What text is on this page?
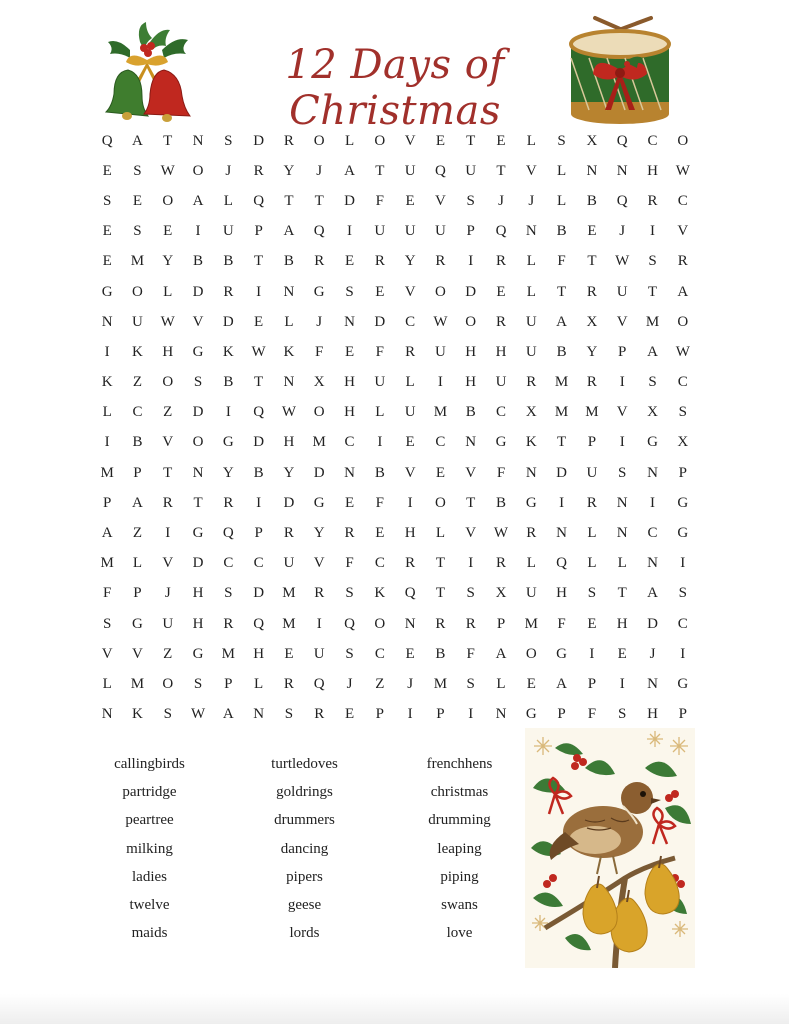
12 Days of Christmas
Q	A	T	N	S	D	R	O	L	O	V	E	T	E	L	S	X	Q	C	O
E	S	W	O	J	R	Y	J	A	T	U	Q	U	T	V	L	N	N	H	W
S	E	O	A	L	Q	T	T	D	F	E	V	S	J	J	L	B	Q	R	C
E	S	E	I	U	P	A	Q	I	U	U	U	P	Q	N	B	E	J	I	V
E	M	Y	B	B	T	B	R	E	R	Y	R	I	R	L	F	T	W	S	R
G	O	L	D	R	I	N	G	S	E	V	O	D	E	L	T	R	U	T	A
N	U	W	V	D	E	L	J	N	D	C	W	O	R	U	A	X	V	M	O
I	K	H	G	K	W	K	F	E	F	R	U	H	H	U	B	Y	P	A	W
K	Z	O	S	B	T	N	X	H	U	L	I	H	U	R	M	R	I	S	C
L	C	Z	D	I	Q	W	O	H	L	U	M	B	C	X	M	M	V	X	S
I	B	V	O	G	D	H	M	C	I	E	C	N	G	K	T	P	I	G	X
M	P	T	N	Y	B	Y	D	N	B	V	E	V	F	N	D	U	S	N	P
P	A	R	T	R	I	D	G	E	F	I	O	T	B	G	I	R	N	I	G
A	Z	I	G	Q	P	R	Y	R	E	H	L	V	W	R	N	L	N	C	G
M	L	V	D	C	C	U	V	F	C	R	T	I	R	L	Q	L	L	N	I
F	P	J	H	S	D	M	R	S	K	Q	T	S	X	U	H	S	T	A	S
S	G	U	H	R	Q	M	I	Q	O	N	R	R	P	M	F	E	H	D	C
V	V	Z	G	M	H	E	U	S	C	E	B	F	A	O	G	I	E	J	I
L	M	O	S	P	L	R	Q	J	Z	J	M	S	L	E	A	P	I	N	G
N	K	S	W	A	N	S	R	E	P	I	P	I	N	G	P	F	S	H	P
callingbirds	turtledoves	frenchhens
partridge	goldrings	christmas
peartree	drummers	drumming
milking	dancing	leaping
ladies	pipers	piping
twelve	geese	swans
maids	lords	love
